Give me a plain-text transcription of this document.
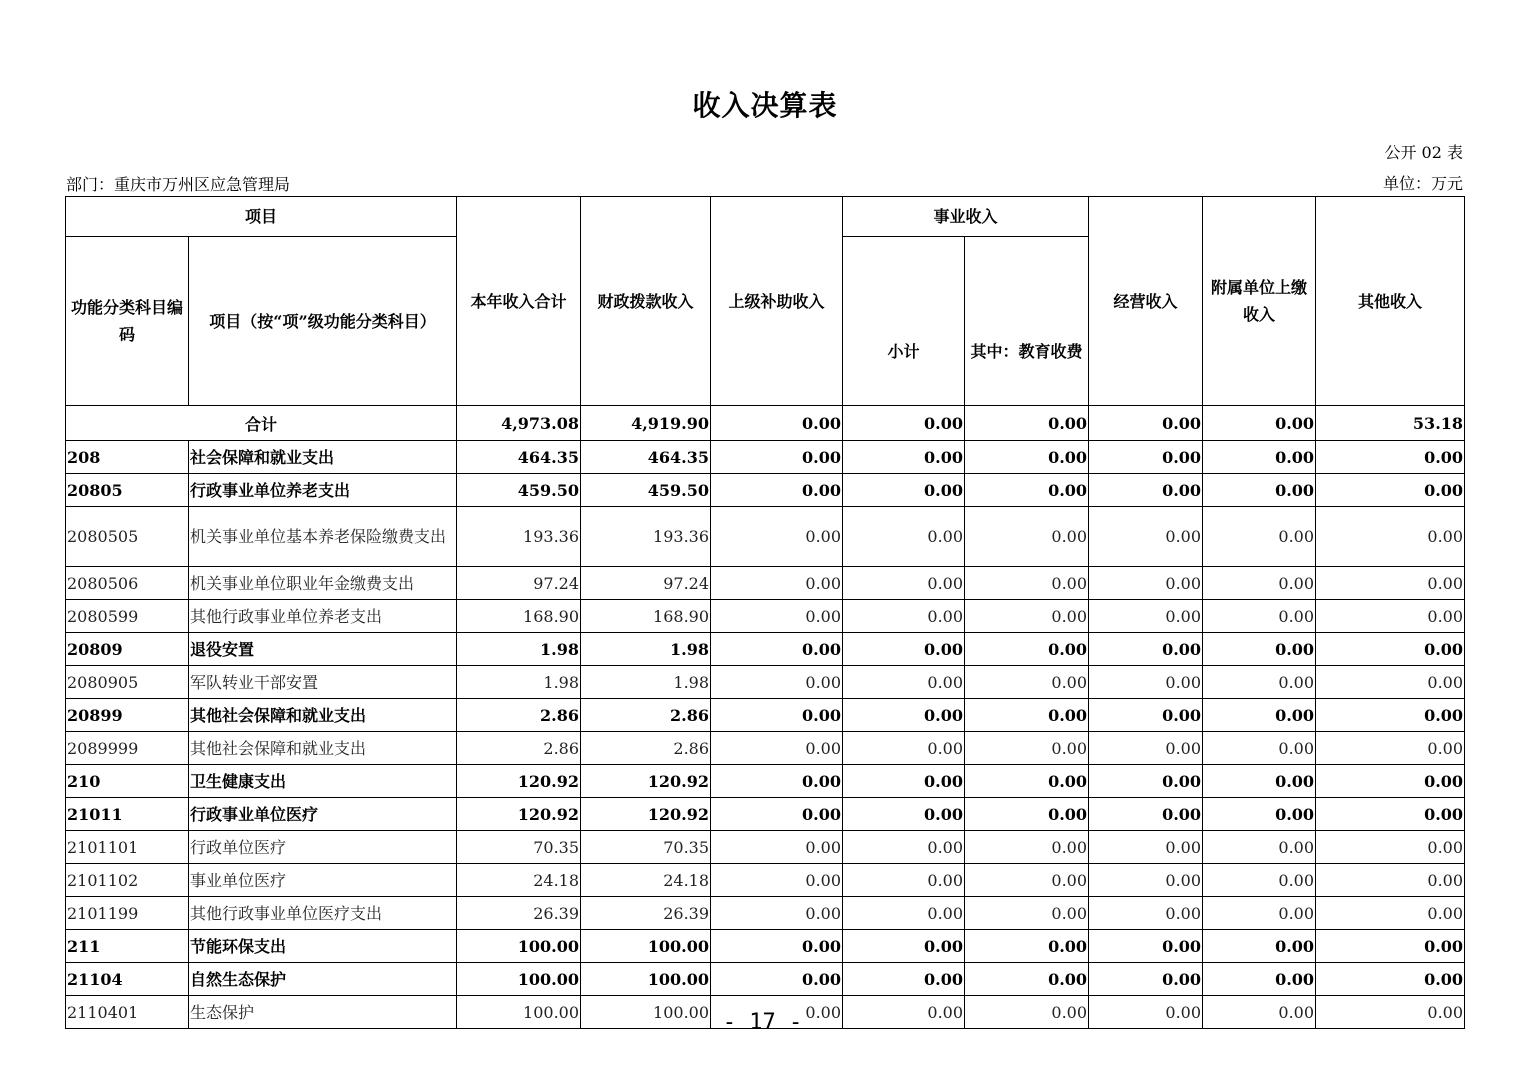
收入决算表
公开 02 表
部门：重庆市万州区应急管理局	单位：万元
项目		本年收入合计	财政拨款收入	上级补助收入	事业收入		经营收入	附属单位上缴收入	其他收入
功能分类科目编码	项目（按“项”级功能分类科目）				小计	其中：教育收费			
合计		4,973.08	4,919.90	0.00	0.00	0.00	0.00	0.00	53.18
208	社会保障和就业支出	464.35	464.35	0.00	0.00	0.00	0.00	0.00	0.00
20805	行政事业单位养老支出	459.50	459.50	0.00	0.00	0.00	0.00	0.00	0.00
2080505	机关事业单位基本养老保险缴费支出	193.36	193.36	0.00	0.00	0.00	0.00	0.00	0.00
2080506	机关事业单位职业年金缴费支出	97.24	97.24	0.00	0.00	0.00	0.00	0.00	0.00
2080599	其他行政事业单位养老支出	168.90	168.90	0.00	0.00	0.00	0.00	0.00	0.00
20809	退役安置	1.98	1.98	0.00	0.00	0.00	0.00	0.00	0.00
2080905	军队转业干部安置	1.98	1.98	0.00	0.00	0.00	0.00	0.00	0.00
20899	其他社会保障和就业支出	2.86	2.86	0.00	0.00	0.00	0.00	0.00	0.00
2089999	其他社会保障和就业支出	2.86	2.86	0.00	0.00	0.00	0.00	0.00	0.00
210	卫生健康支出	120.92	120.92	0.00	0.00	0.00	0.00	0.00	0.00
21011	行政事业单位医疗	120.92	120.92	0.00	0.00	0.00	0.00	0.00	0.00
2101101	行政单位医疗	70.35	70.35	0.00	0.00	0.00	0.00	0.00	0.00
2101102	事业单位医疗	24.18	24.18	0.00	0.00	0.00	0.00	0.00	0.00
2101199	其他行政事业单位医疗支出	26.39	26.39	0.00	0.00	0.00	0.00	0.00	0.00
211	节能环保支出	100.00	100.00	0.00	0.00	0.00	0.00	0.00	0.00
21104	自然生态保护	100.00	100.00	0.00	0.00	0.00	0.00	0.00	0.00
2110401	生态保护	100.00	100.00	0.00	0.00	0.00	0.00	0.00	0.00
- 17 -
